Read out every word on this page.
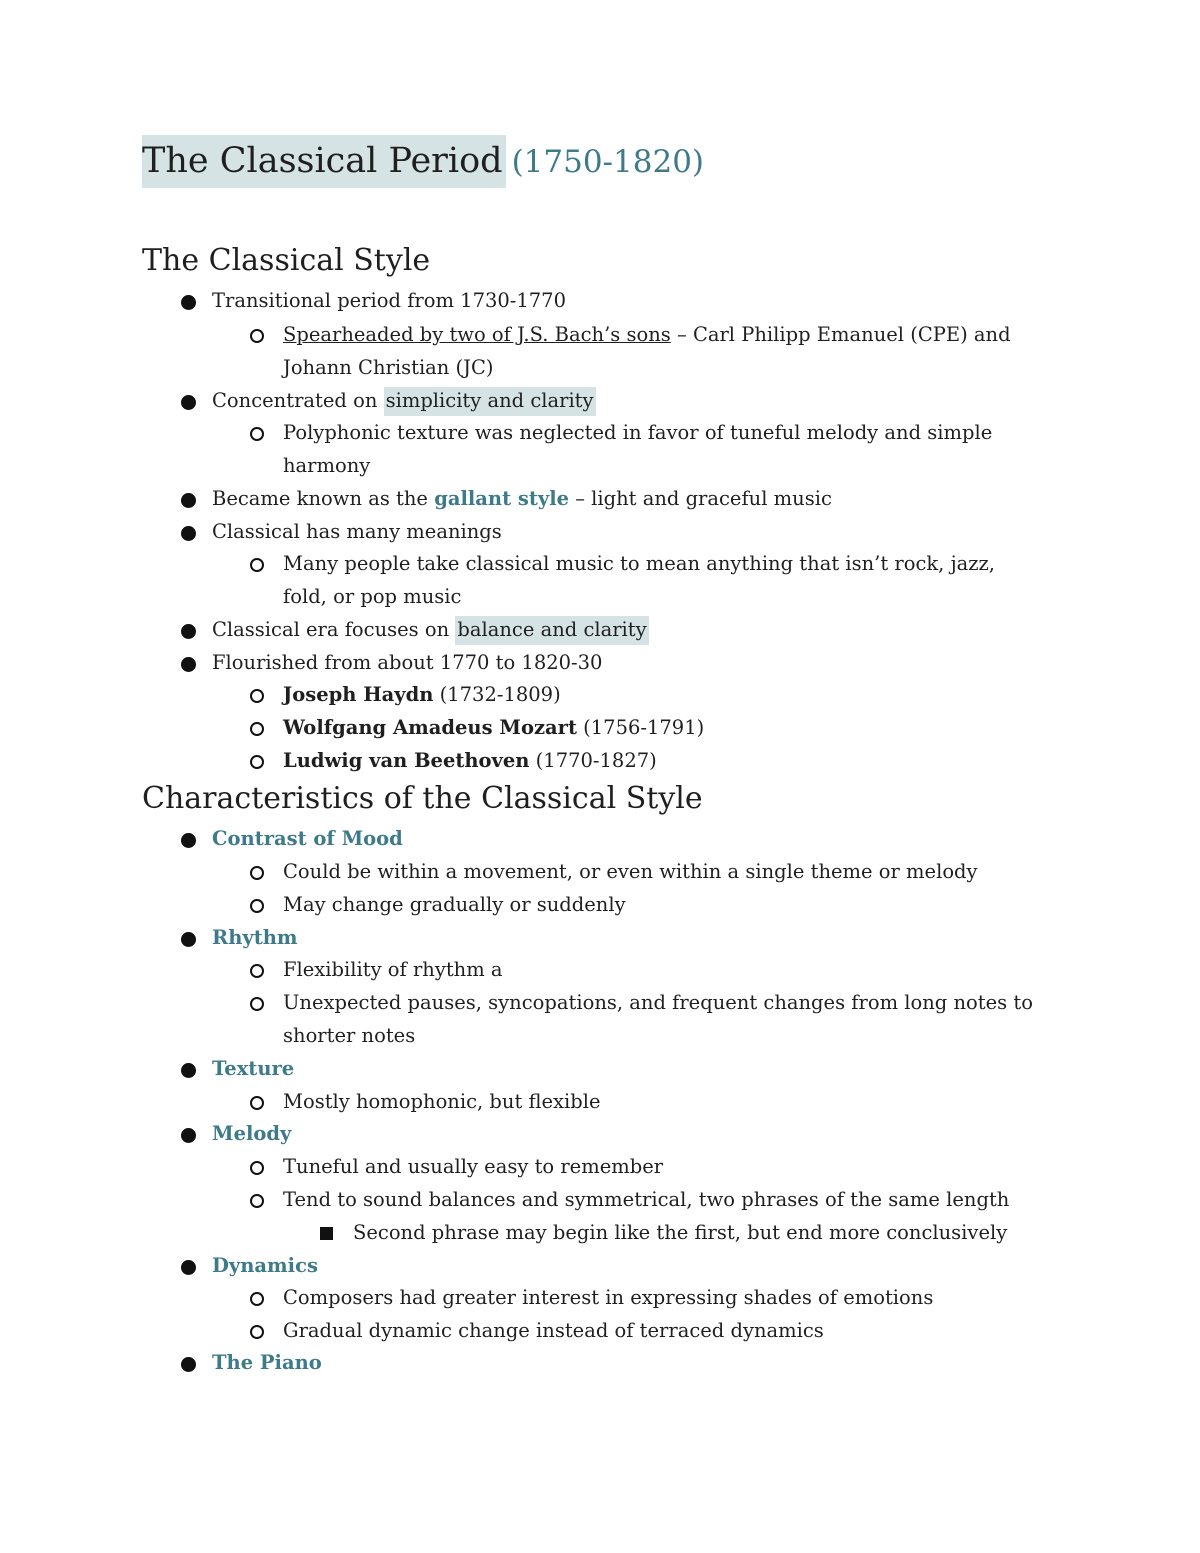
The Classical Period (1750-1820)
The Classical Style
Transitional period from 1730-1770
Spearheaded by two of J.S. Bach’s sons – Carl Philipp Emanuel (CPE) and
Johann Christian (JC)
Concentrated on simplicity and clarity
Polyphonic texture was neglected in favor of tuneful melody and simple
harmony
Became known as the gallant style – light and graceful music
Classical has many meanings
Many people take classical music to mean anything that isn’t rock, jazz,
fold, or pop music
Classical era focuses on balance and clarity
Flourished from about 1770 to 1820-30
Joseph Haydn (1732-1809)
Wolfgang Amadeus Mozart (1756-1791)
Ludwig van Beethoven (1770-1827)
Characteristics of the Classical Style
Contrast of Mood
Could be within a movement, or even within a single theme or melody
May change gradually or suddenly
Rhythm
Flexibility of rhythm a
Unexpected pauses, syncopations, and frequent changes from long notes to
shorter notes
Texture
Mostly homophonic, but flexible
Melody
Tuneful and usually easy to remember
Tend to sound balances and symmetrical, two phrases of the same length
Second phrase may begin like the first, but end more conclusively
Dynamics
Composers had greater interest in expressing shades of emotions
Gradual dynamic change instead of terraced dynamics
The Piano
